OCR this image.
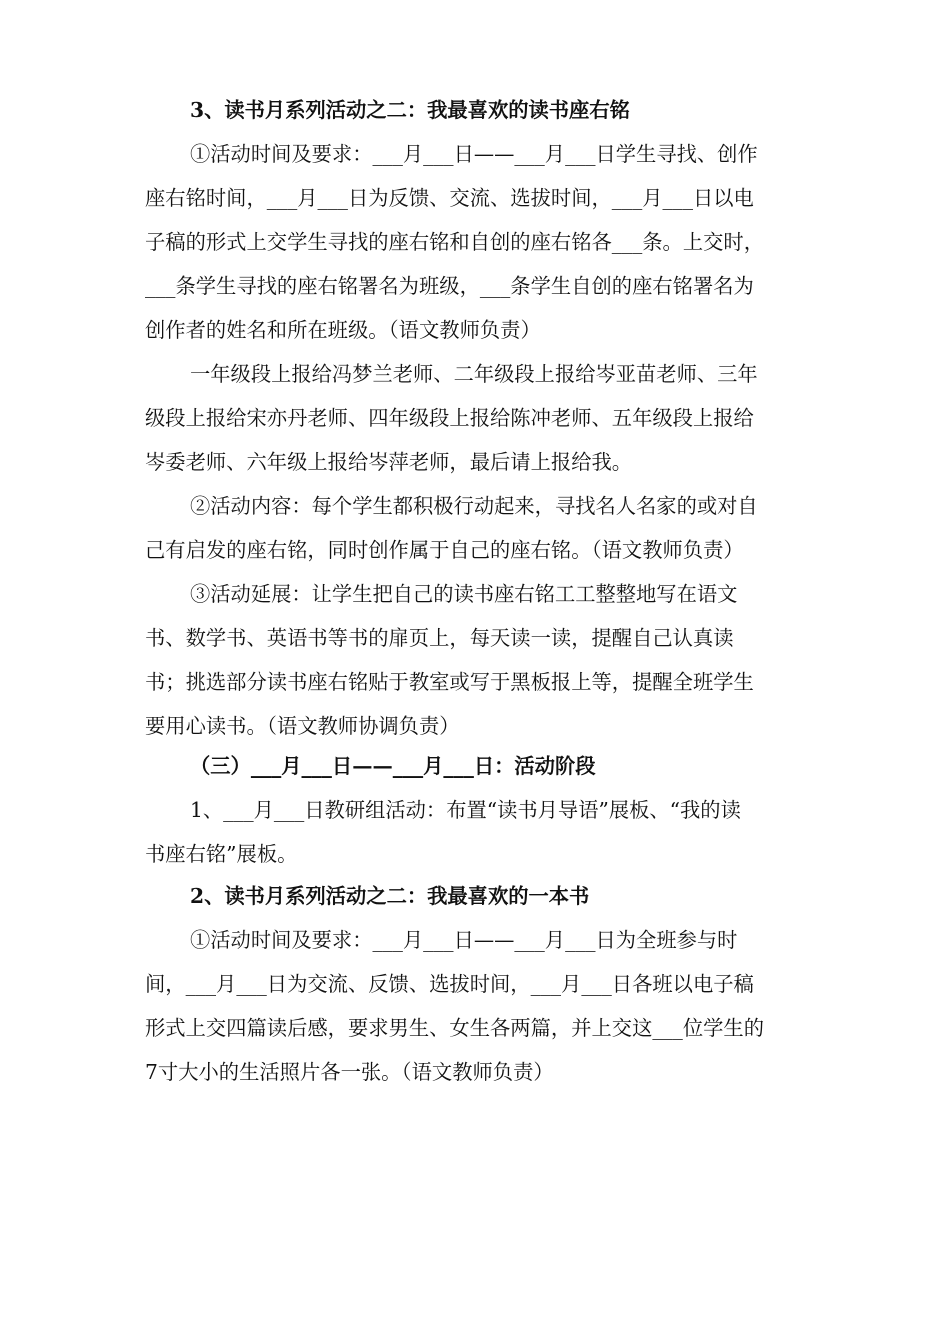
3、读书月系列活动之二：我最喜欢的读书座右铭
①活动时间及要求：___月___日——___月___日学生寻找、创作
座右铭时间，___月___日为反馈、交流、选拔时间，___月___日以电
子稿的形式上交学生寻找的座右铭和自创的座右铭各___条。上交时，
___条学生寻找的座右铭署名为班级，___条学生自创的座右铭署名为
创作者的姓名和所在班级。（语文教师负责）
一年级段上报给冯梦兰老师、二年级段上报给岑亚苗老师、三年
级段上报给宋亦丹老师、四年级段上报给陈冲老师、五年级段上报给
岑委老师、六年级上报给岑萍老师，最后请上报给我。
②活动内容：每个学生都积极行动起来，寻找名人名家的或对自
己有启发的座右铭，同时创作属于自己的座右铭。（语文教师负责）
③活动延展：让学生把自己的读书座右铭工工整整地写在语文
书、数学书、英语书等书的扉页上，每天读一读，提醒自己认真读
书；挑选部分读书座右铭贴于教室或写于黑板报上等，提醒全班学生
要用心读书。（语文教师协调负责）
（三）___月___日——___月___日：活动阶段
1、___月___日教研组活动：布置“读书月导语”展板、“我的读
书座右铭”展板。
2、读书月系列活动之二：我最喜欢的一本书
①活动时间及要求：___月___日——___月___日为全班参与时
间，___月___日为交流、反馈、选拔时间，___月___日各班以电子稿
形式上交四篇读后感，要求男生、女生各两篇，并上交这___位学生的
7寸大小的生活照片各一张。（语文教师负责）
